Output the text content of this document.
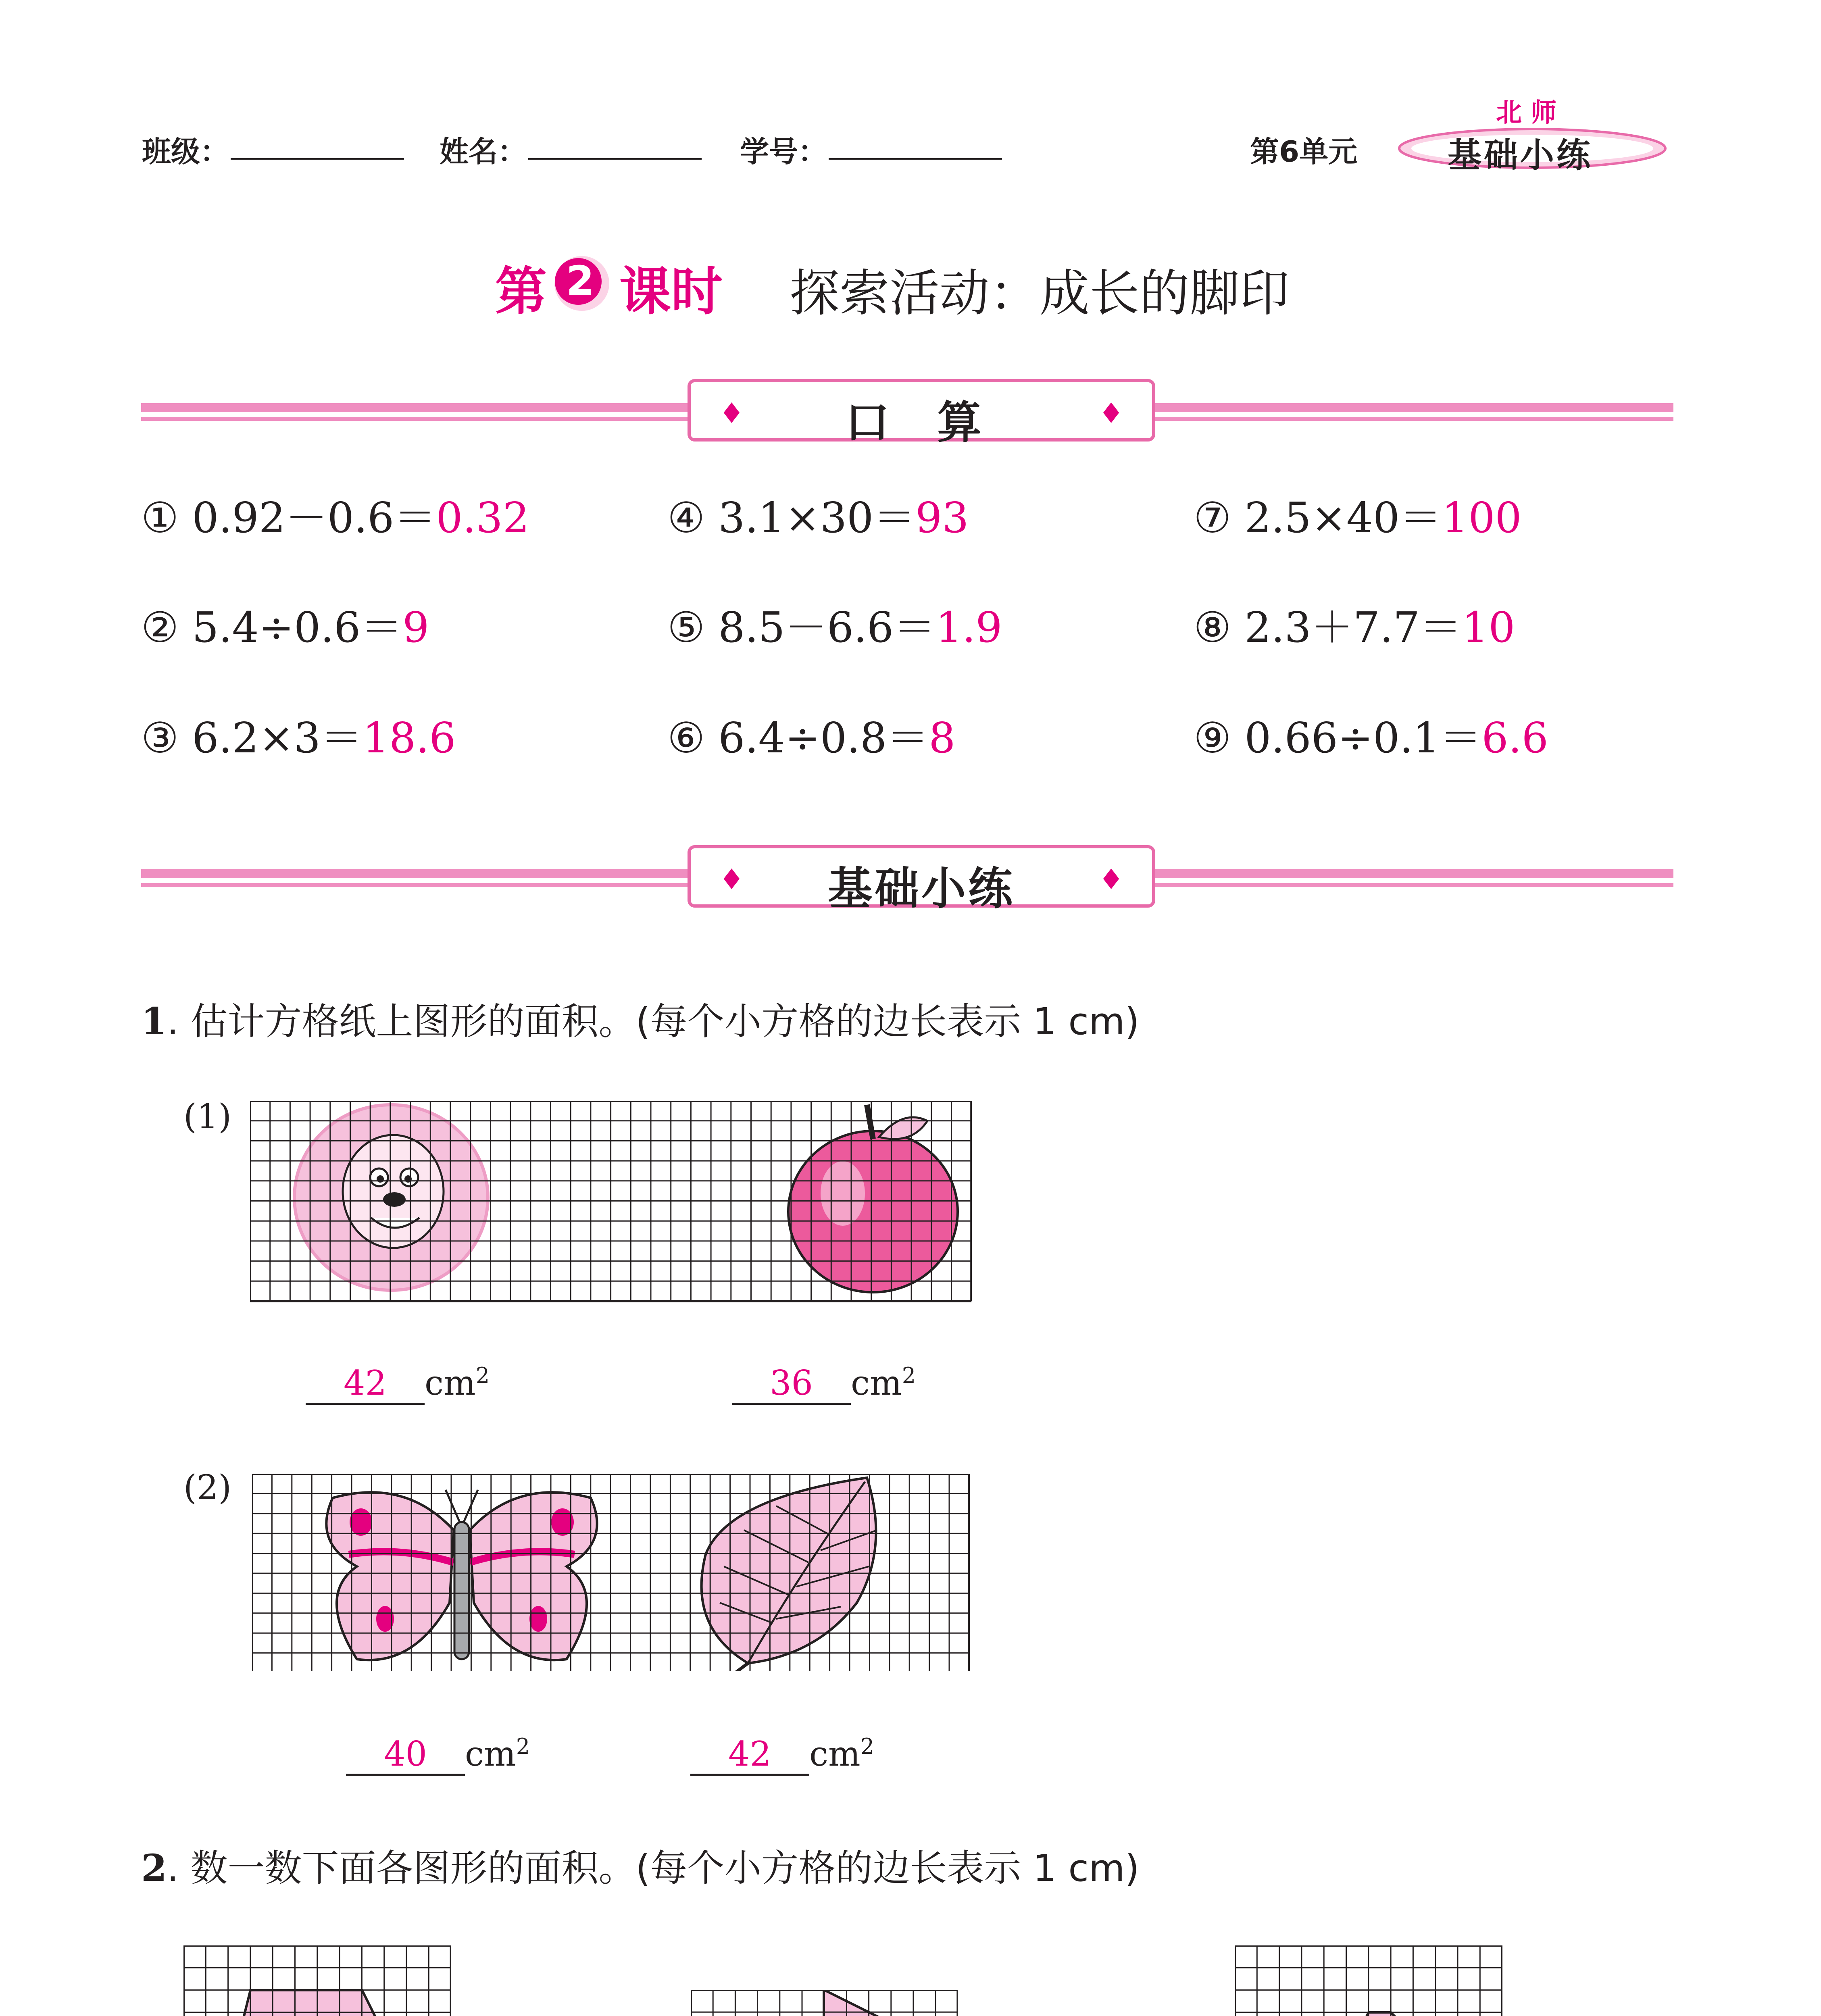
班级：	姓名：	学号：	第6单元
北 师
基础小练
第 2 课时 探索活动：成长的脚印
♦	口 算	♦
① 0.92－0.6＝0.32	④ 3.1×30＝93	⑦ 2.5×40＝100
② 5.4÷0.6＝9	⑤ 8.5－6.6＝1.9	⑧ 2.3＋7.7＝10
③ 6.2×3＝18.6	⑥ 6.4÷0.8＝8	⑨ 0.66÷0.1＝6.6
♦	基础小练	♦
1. 估计方格纸上图形的面积。(每个小方格的边长表示 1 cm)
(1)
42 $cm^2$	36 $cm^2$
(2)
40 $cm^2$	42 $cm^2$
2. 数一数下面各图形的面积。(每个小方格的边长表示 1 cm)
